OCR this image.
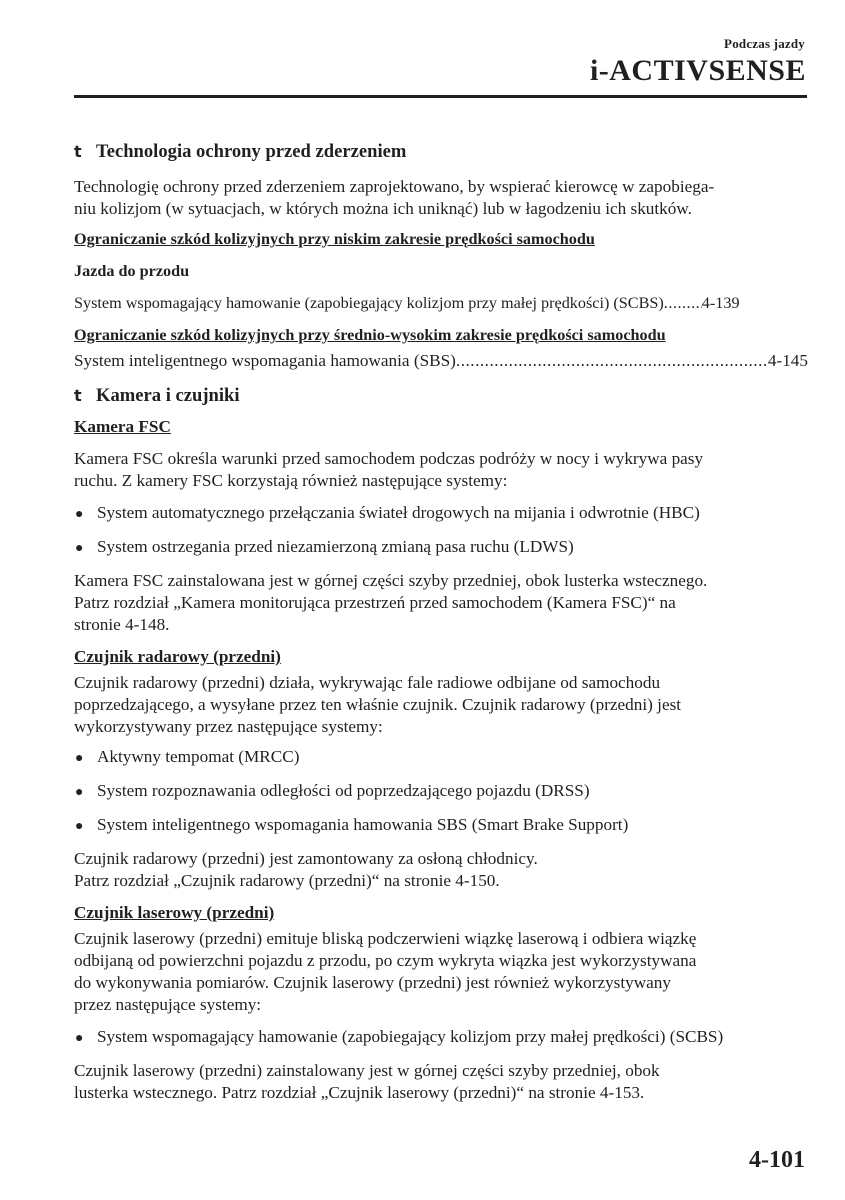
Podczas jazdy
i-ACTIVSENSE
t Technologia ochrony przed zderzeniem

Technologię ochrony przed zderzeniem zaprojektowano, by wspierać kierowcę w zapobiega-

niu kolizjom (w sytuacjach, w których można ich uniknąć) lub w łagodzeniu ich skutków.

Ograniczanie szkód kolizyjnych przy niskim zakresie prędkości samochodu

Jazda do przodu

System wspomagający hamowanie (zapobiegający kolizjom przy małej prędkości) (SCBS) ..... 4-139

Ograniczanie szkód kolizyjnych przy średnio-wysokim zakresie prędkości samochodu

System inteligentnego wspomagania hamowania (SBS) .....	4-145
t Kamera i czujniki

Kamera FSC

Kamera FSC określa warunki przed samochodem podczas podróży w nocy i wykrywa pasy

ruchu. Z kamery FSC korzystają również następujące systemy:

● System automatycznego przełączania świateł drogowych na mijania i odwrotnie (HBC)
● System ostrzegania przed niezamierzoną zmianą pasa ruchu (LDWS)

Kamera FSC zainstalowana jest w górnej części szyby przedniej, obok lusterka wstecznego.

Patrz rozdział „Kamera monitorująca przestrzeń przed samochodem (Kamera FSC)“ na

stronie 4-148.

Czujnik radarowy (przedni)

Czujnik radarowy (przedni) działa, wykrywając fale radiowe odbijane od samochodu

poprzedzającego, a wysyłane przez ten właśnie czujnik. Czujnik radarowy (przedni) jest

wykorzystywany przez następujące systemy:

● Aktywny tempomat (MRCC)
● System rozpoznawania odległości od poprzedzającego pojazdu (DRSS)
● System inteligentnego wspomagania hamowania SBS (Smart Brake Support)

Czujnik radarowy (przedni) jest zamontowany za osłoną chłodnicy.

Patrz rozdział „Czujnik radarowy (przedni)“ na stronie 4-150.

Czujnik laserowy (przedni)

Czujnik laserowy (przedni) emituje bliską podczerwieni wiązkę laserową i odbiera wiązkę

odbijaną od powierzchni pojazdu z przodu, po czym wykryta wiązka jest wykorzystywana

do wykonywania pomiarów. Czujnik laserowy (przedni) jest również wykorzystywany

przez następujące systemy:

● System wspomagający hamowanie (zapobiegający kolizjom przy małej prędkości) (SCBS)

Czujnik laserowy (przedni) zainstalowany jest w górnej części szyby przedniej, obok

lusterka wstecznego. Patrz rozdział „Czujnik laserowy (przedni)“ na stronie 4-153.

4-101
